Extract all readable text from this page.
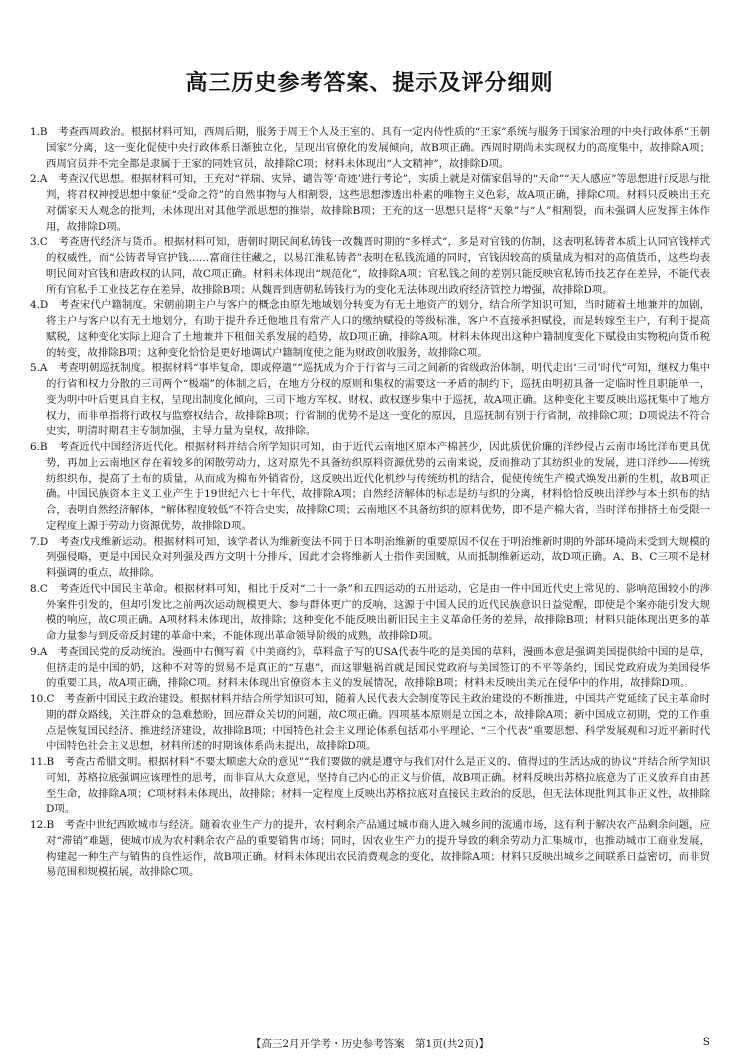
高三历史参考答案、提示及评分细则

1.B　考查西周政治。根据材料可知，西周后期，服务于周王个人及王室的、具有一定内侍性质的“王家”系统与服务于国家治理的中央行政体系“王朝国家”分离，这一变化促使中央行政体系日渐独立化，呈现出官僚化的发展倾向，故B项正确。西周时期尚未实现权力的高度集中，故排除A项；西周官员并不完全都是隶属于王家的同姓官员，故排除C项；材料未体现出“人文精神”，故排除D项。

2.A　考查汉代思想。根据材料可知，王充对“祥瑞、灾异、谴告等‘奇迹’进行考论”，实质上就是对儒家倡导的“天命”“天人感应”等思想进行反思与批判，将君权神授思想中象征“受命之符”的自然事物与人相割裂，这些思想渗透出朴素的唯物主义色彩，故A项正确，排除C项。材料只反映出王充对儒家天人观念的批判，未体现出对其他学派思想的推崇，故排除B项；王充的这一思想只是将“天象”与“人”相割裂，而未强调人应发挥主体作用，故排除D项。

3.C　考查唐代经济与货币。根据材料可知，唐朝时期民间私铸钱一改魏晋时期的“多样式”，多是对官钱的仿制，这表明私铸者本质上认同官钱样式的权威性，而“公铸者导官护钱……富商往往藏之，以易江淮私铸者”表明在私钱流通的同时，官钱因较高的质量成为相对的高值货币，这些均表明民间对官钱和唐政权的认同，故C项正确。材料未体现出“规范化”，故排除A项；官私钱之间的差别只能反映官私铸币技艺存在差异，不能代表所有官私手工业技艺存在差异，故排除B项；从魏晋到唐朝私铸钱行为的变化无法体现出政府经济管控力增强，故排除D项。

4.D　考查宋代户籍制度。宋朝前期主户与客户的概念由原先地域划分转变为有无土地资产的划分，结合所学知识可知，当时随着土地兼并的加剧，将主户与客户以有无土地划分，有助于提升乔迁他地且有常产人口的缴纳赋役的等级标准，客户不直接承担赋役，而是转嫁至主户，有利于提高赋税，这种变化实际上迎合了土地兼并下租佃关系发展的趋势，故D项正确，排除A项。材料未体现出这种户籍制度变化下赋役由实物税向货币税的转变，故排除B项；这种变化恰恰是更好地调试户籍制度使之能为财政创收服务，故排除C项。

5.A　考查明朝巡抚制度。根据材料“事毕复命，即或停遣”“巡抚成为介于行省与三司之间新的省级政治体制，明代走出‘三司’时代”可知，继权力集中的行省和权力分散的三司两个“极端”的体制之后，在地方分权的原则和集权的需要这一矛盾的制约下，巡抚由明初具备一定临时性且职能单一，变为明中叶后更具自主权，呈现出制度化倾向，三司下地方军权、财权、政权逐步集中于巡抚，故A项正确。这种变化主要反映出巡抚集中了地方权力，而非单指将行政权与监察权结合，故排除B项；行省制的优势不是这一变化的原因，且巡抚制有别于行省制，故排除C项；D项说法不符合史实，明清时期君主专制加强，主导力量为皇权，故排除。

6.B　考查近代中国经济近代化。根据材料并结合所学知识可知，由于近代云南地区原本产棉甚少，因此质优价廉的洋纱侵占云南市场比洋布更具优势，再加上云南地区存在着较多的闲散劳动力，这对原先不具备纺织原料资源优势的云南来说，反而推动了其纺织业的发展，进口洋纱——传统纺织织布，提高了土布的质量，从而成为棉布外销省份，这反映出近代化机纱与传统纺机的结合，促使传统生产模式焕发出新的生机，故B项正确。中国民族资本主义工业产生于19世纪六七十年代，故排除A项；自然经济解体的标志是纺与织的分离，材料恰恰反映出洋纱与本土织布的结合，表明自然经济解体，“解体程度较低”不符合史实，故排除C项；云南地区不具备纺织的原料优势，即不是产棉大省，当时洋布排挤土布受限一定程度上源于劳动力资源优势，故排除D项。

7.D　考查戊戌维新运动。根据材料可知，该学者认为维新变法不同于日本明治维新的重要原因不仅在于明治维新时期的外部环境尚未受到大规模的列强侵略，更是中国民众对列强及西方文明十分排斥，因此才会将维新人士指作卖国贼，从而抵制维新运动，故D项正确。A、B、C三项不是材料强调的重点，故排除。

8.C　考查近代中国民主革命。根据材料可知，相比于反对“二十一条”和五四运动的五卅运动，它是由一件中国近代史上常见的、影响范围较小的涉外案件引发的，但却引发比之前两次运动规模更大、参与群体更广的反响，这源于中国人民的近代民族意识日益觉醒，即使是个案亦能引发大规模的响应，故C项正确。A项材料未体现出，故排除；这种变化不能反映出新旧民主主义革命任务的差异，故排除B项；材料只能体现出更多的革命力量参与到反帝反封建的革命中来，不能体现出革命领导阶级的成熟，故排除D项。

9.A　考查国民党的反动统治。漫画中右侧写着《中美商约》，草料盒子写的USA代表牛吃的是美国的草料，漫画本意是强调美国提供给中国的是草，但挤走的是中国的奶，这种不对等的贸易不是真正的“互惠”，而这罪魁祸首就是国民党政府与美国签订的不平等条约，国民党政府成为美国侵华的重要工具，故A项正确，排除C项。材料未体现出官僚资本主义的发展情况，故排除B项；材料未反映出美元在侵华中的作用，故排除D项。

10.C　考查新中国民主政治建设。根据材料并结合所学知识可知，随着人民代表大会制度等民主政治建设的不断推进，中国共产党延续了民主革命时期的群众路线，关注群众的急难愁盼，回应群众关切的问题，故C项正确。四项基本原则是立国之本，故排除A项；新中国成立初期，党的工作重点是恢复国民经济、推进经济建设，故排除B项；中国特色社会主义理论体系包括邓小平理论、“三个代表”重要思想、科学发展观和习近平新时代中国特色社会主义思想，材料所述的时期该体系尚未提出，故排除D项。

11.B　考查古希腊文明。根据材料“不要太顺虑大众的意见”“我们要做的就是遵守与我们对什么是正义的、值得过的生活达成的协议”并结合所学知识可知，苏格拉底强调应该理性的思考，而非盲从大众意见，坚持自己内心的正义与价值，故B项正确。材料反映出苏格拉底意为了正义放弃自由甚至生命，故排除A项；C项材料未体现出，故排除；材料一定程度上反映出苏格拉底对直接民主政治的反思，但无法体现批判其非正义性，故排除D项。

12.B　考查中世纪西欧城市与经济。随着农业生产力的提升，农村剩余产品通过城市商人进入城乡间的流通市场，这有利于解决农产品剩余问题，应对“滞销”难题，使城市成为农村剩余农产品的重要销售市场；同时，因农业生产力的提升导致的剩余劳动力汇集城市，也推动城市工商业发展，构建起一种生产与销售的良性运作，故B项正确。材料未体现出农民消费观念的变化，故排除A项；材料只反映出城乡之间联系日益密切，而非贸易范围和规模拓展，故排除C项。

【高三2月开学考・历史参考答案　第1页(共2页)】	S
